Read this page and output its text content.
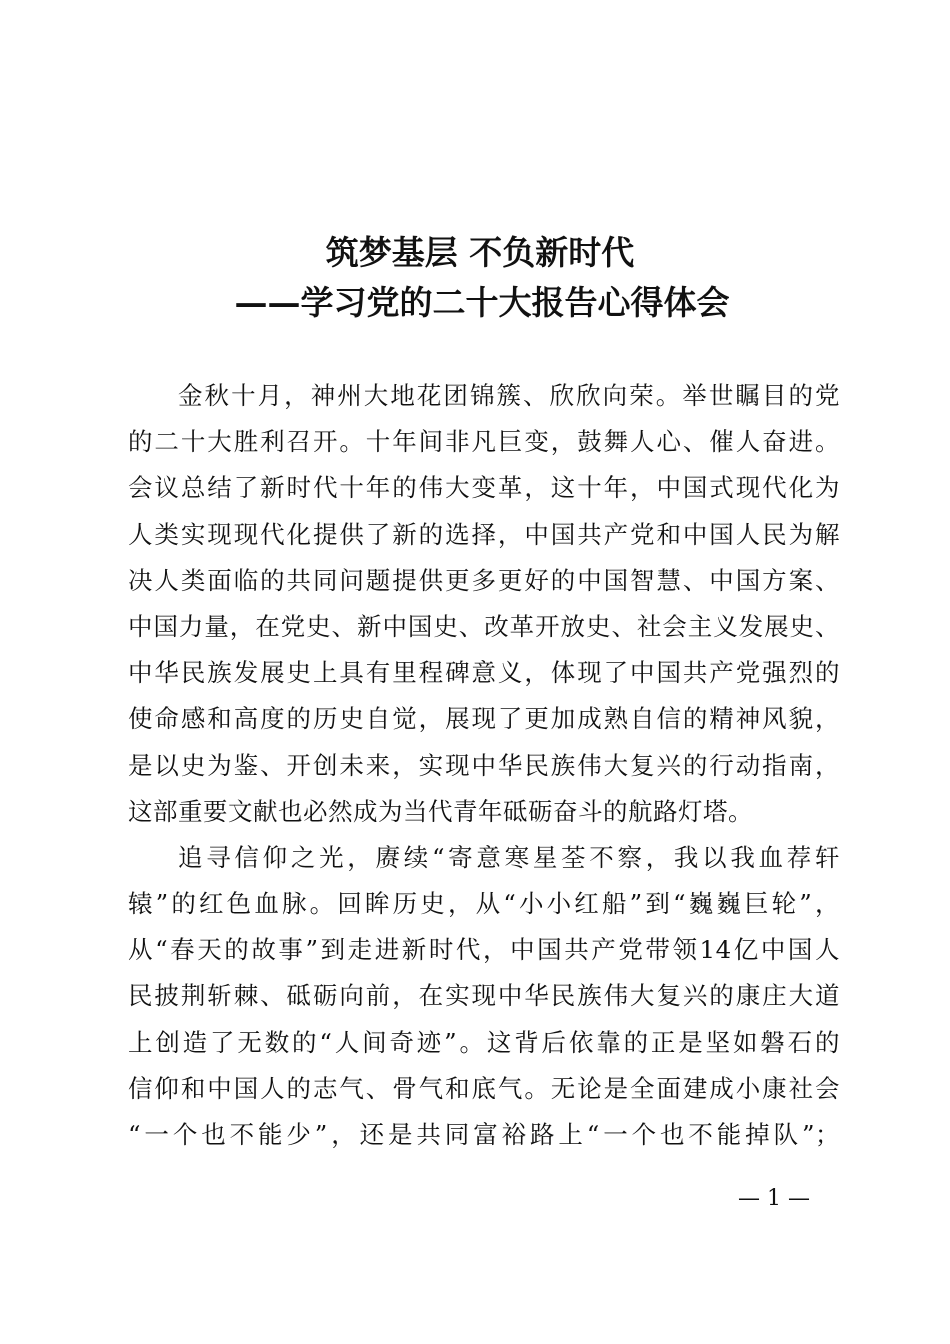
筑梦基层 不负新时代
——学习党的二十大报告心得体会
金秋十月，神州大地花团锦簇、欣欣向荣。举世瞩目的党
的二十大胜利召开。十年间非凡巨变，鼓舞人心、催人奋进。
会议总结了新时代十年的伟大变革，这十年，中国式现代化为
人类实现现代化提供了新的选择，中国共产党和中国人民为解
决人类面临的共同问题提供更多更好的中国智慧、中国方案、
中国力量，在党史、新中国史、改革开放史、社会主义发展史、
中华民族发展史上具有里程碑意义，体现了中国共产党强烈的
使命感和高度的历史自觉，展现了更加成熟自信的精神风貌，
是以史为鉴、开创未来，实现中华民族伟大复兴的行动指南，
这部重要文献也必然成为当代青年砥砺奋斗的航路灯塔。
追寻信仰之光，赓续“寄意寒星荃不察，我以我血荐轩
辕”的红色血脉。回眸历史，从“小小红船”到“巍巍巨轮”，
从“春天的故事”到走进新时代，中国共产党带领14亿中国人
民披荆斩棘、砥砺向前，在实现中华民族伟大复兴的康庄大道
上创造了无数的“人间奇迹”。这背后依靠的正是坚如磐石的
信仰和中国人的志气、骨气和底气。无论是全面建成小康社会
“一个也不能少”，还是共同富裕路上“一个也不能掉队”；
— 1 —
